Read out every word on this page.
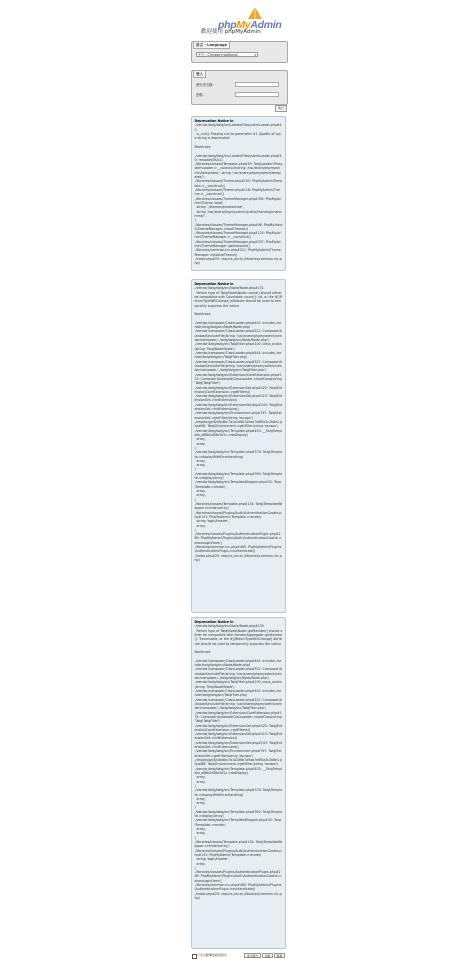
phpMyAdmin
歡迎使用 phpMyAdmin
語言 - Language
中文 - Chinese traditional	▾
登入
使用者名稱：
密碼：
執行
Deprecation Notice in
./vendor/twig/twig/src/Loader/FilesystemLoader.php#40
is_null(): Passing null to parameter #1 ($path) of type string is deprecated

Backtrace

./vendor/twig/twig/src/Loader/FilesystemLoader.php#40: realpath(NULL)
./libraries/classes/Template.php#59: Twig\Loader\FilesystemLoader->__construct(string '/usr/share/phpmyadmin/templates/', string '/usr/share/phpmyadmin/templates/')
./libraries/classes/Theme.php#153: PhpMyAdmin\Template->__construct()
./libraries/classes/Theme.php#118: PhpMyAdmin\Theme->__construct()
./libraries/classes/ThemeManager.php#394: PhpMyAdmin\Theme::load(
string './themes/pmahomme',
string '/usr/share/phpmyadmin/public/themes/pmahomme/',
)
./libraries/classes/ThemeManager.php#96: PhpMyAdmin\ThemeManager->loadThemes()
./libraries/classes/ThemeManager.php#125: PhpMyAdmin\ThemeManager->__construct()
./libraries/classes/ThemeManager.php#337: PhpMyAdmin\ThemeManager::getInstance()
./libraries/common.inc.php#211: PhpMyAdmin\ThemeManager::initializeTheme()
./index.php#25: require_once(./libraries/common.inc.php)
Deprecation Notice in
./vendor/twig/twig/src/Node/Node.php#151
Return type of Twig\Node\Node::count() should either be compatible with Countable::count(): int, or the #[\ReturnTypeWillChange] attribute should be used to temporarily suppress the notice

Backtrace

./vendor/composer/ClassLoader.php#444: include(./vendor/twig/twig/src/Node/Node.php)
./vendor/composer/ClassLoader.php#322: Composer\Autoload\includeFile(string '/usr/share/phpmyadmin/vendor/composer/../twig/twig/src/Node/Node.php')
./vendor/twig/twig/src/TwigFilter.php#100: class_exists(string 'Twig\Node\Node')
./vendor/composer/ClassLoader.php#444: include(./vendor/twig/twig/src/TwigFilter.php)
./vendor/composer/ClassLoader.php#322: Composer\Autoload\includeFile(string '/usr/share/phpmyadmin/vendor/composer/../twig/twig/src/TwigFilter.php')
./vendor/twig/twig/src/Extension/CoreExtension.php#174: Composer\Autoload\ClassLoader->loadClass(string 'Twig\TwigFilter')
./vendor/twig/twig/src/ExtensionSet.php#422: Twig\Extension\CoreExtension->getFilters()
./vendor/twig/twig/src/ExtensionSet.php#413: Twig\ExtensionSet->initExtension()
./vendor/twig/twig/src/ExtensionSet.php#243: Twig\ExtensionSet->initExtensions()
./vendor/twig/twig/src/Environment.php#797: Twig\ExtensionSet->getFilter(string 'escape')
./tmp/twig/c8/c8c6bc7d1a2d6b7a9aa7e6f5a3c2b8e1.php#68: Twig\Environment->getFilter(string 'escape')
./vendor/twig/twig/src/Template.php#405: __TwigTemplate_a88b2d58e3d1c->doDisplay(
array,
array,
)
./vendor/twig/twig/src/Template.php#378: Twig\Template->displayWithErrorHandling(
array,
array,
)
./vendor/twig/twig/src/Template.php#390: Twig\Template->display(array)
./vendor/twig/twig/src/TemplateWrapper.php#45: Twig\Template->render(
array,
array,
)
./libraries/classes/Template.php#134: Twig\TemplateWrapper->render(array)
./libraries/classes/Plugins/Auth/AuthenticationCookie.php#141: PhpMyAdmin\Template->render(
string 'login/header',
array,
)
./libraries/classes/Plugins/AuthenticationPlugin.php#289: PhpMyAdmin\Plugins\Auth\AuthenticationCookie->showLoginForm()
./libraries/common.inc.php#465: PhpMyAdmin\Plugins\AuthenticationPlugin->authenticate()
./index.php#25: require_once(./libraries/common.inc.php)
Deprecation Notice in
./vendor/twig/twig/src/Node/Node.php#159
Return type of Twig\Node\Node::getIterator() should either be compatible with IteratorAggregate::getIterator(): Traversable, or the #[\ReturnTypeWillChange] attribute should be used to temporarily suppress the notice

Backtrace

./vendor/composer/ClassLoader.php#444: include(./vendor/twig/twig/src/Node/Node.php)
./vendor/composer/ClassLoader.php#322: Composer\Autoload\includeFile(string '/usr/share/phpmyadmin/vendor/composer/../twig/twig/src/Node/Node.php')
./vendor/twig/twig/src/TwigFilter.php#100: class_exists(string 'Twig\Node\Node')
./vendor/composer/ClassLoader.php#444: include(./vendor/twig/twig/src/TwigFilter.php)
./vendor/composer/ClassLoader.php#322: Composer\Autoload\includeFile(string '/usr/share/phpmyadmin/vendor/composer/../twig/twig/src/TwigFilter.php')
./vendor/twig/twig/src/Extension/CoreExtension.php#174: Composer\Autoload\ClassLoader->loadClass(string 'Twig\TwigFilter')
./vendor/twig/twig/src/ExtensionSet.php#422: Twig\Extension\CoreExtension->getFilters()
./vendor/twig/twig/src/ExtensionSet.php#413: Twig\ExtensionSet->initExtension()
./vendor/twig/twig/src/ExtensionSet.php#243: Twig\ExtensionSet->initExtensions()
./vendor/twig/twig/src/Environment.php#797: Twig\ExtensionSet->getFilter(string 'escape')
./tmp/twig/c8/c8c6bc7d1a2d6b7a9aa7e6f5a3c2b8e1.php#68: Twig\Environment->getFilter(string 'escape')
./vendor/twig/twig/src/Template.php#405: __TwigTemplate_a88b2d58e3d1c->doDisplay(
array,
array,
)
./vendor/twig/twig/src/Template.php#378: Twig\Template->displayWithErrorHandling(
array,
array,
)
./vendor/twig/twig/src/Template.php#390: Twig\Template->display(array)
./vendor/twig/twig/src/TemplateWrapper.php#45: Twig\Template->render(
array,
array,
)
./libraries/classes/Template.php#134: Twig\TemplateWrapper->render(array)
./libraries/classes/Plugins/Auth/AuthenticationCookie.php#141: PhpMyAdmin\Template->render(
string 'login/header',
array,
)
./libraries/classes/Plugins/AuthenticationPlugin.php#289: PhpMyAdmin\Plugins\Auth\AuthenticationCookie->showLoginForm()
./libraries/common.inc.php#465: PhpMyAdmin\Plugins\AuthenticationPlugin->authenticate()
./index.php#25: require_once(./libraries/common.inc.php)
下次自動傳送錯誤報告	送出報告	忽略	略過
